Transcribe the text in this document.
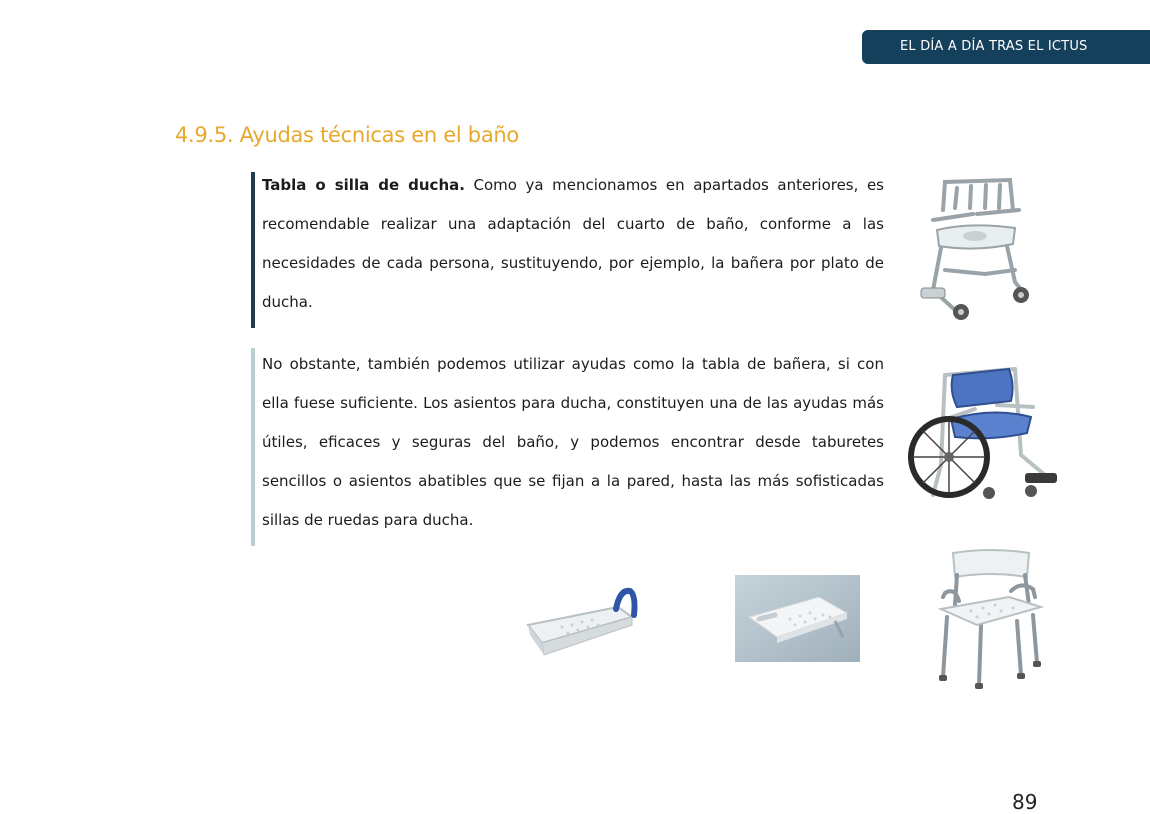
EL DÍA A DÍA TRAS EL ICTUS
4.9.5. Ayudas técnicas en el baño
Tabla o silla de ducha. Como ya mencionamos en apartados anteriores, es recomendable realizar una adaptación del cuarto de baño, conforme a las necesidades de cada persona, sustituyendo, por ejemplo, la bañera por plato de ducha.
No obstante, también podemos utilizar ayudas como la tabla de bañera, si con ella fuese suficiente. Los asientos para ducha, constituyen una de las ayudas más útiles, eficaces y seguras del baño, y podemos encontrar desde taburetes sencillos o asientos abatibles que se fijan a la pared, hasta las más sofisticadas sillas de ruedas para ducha.
89
